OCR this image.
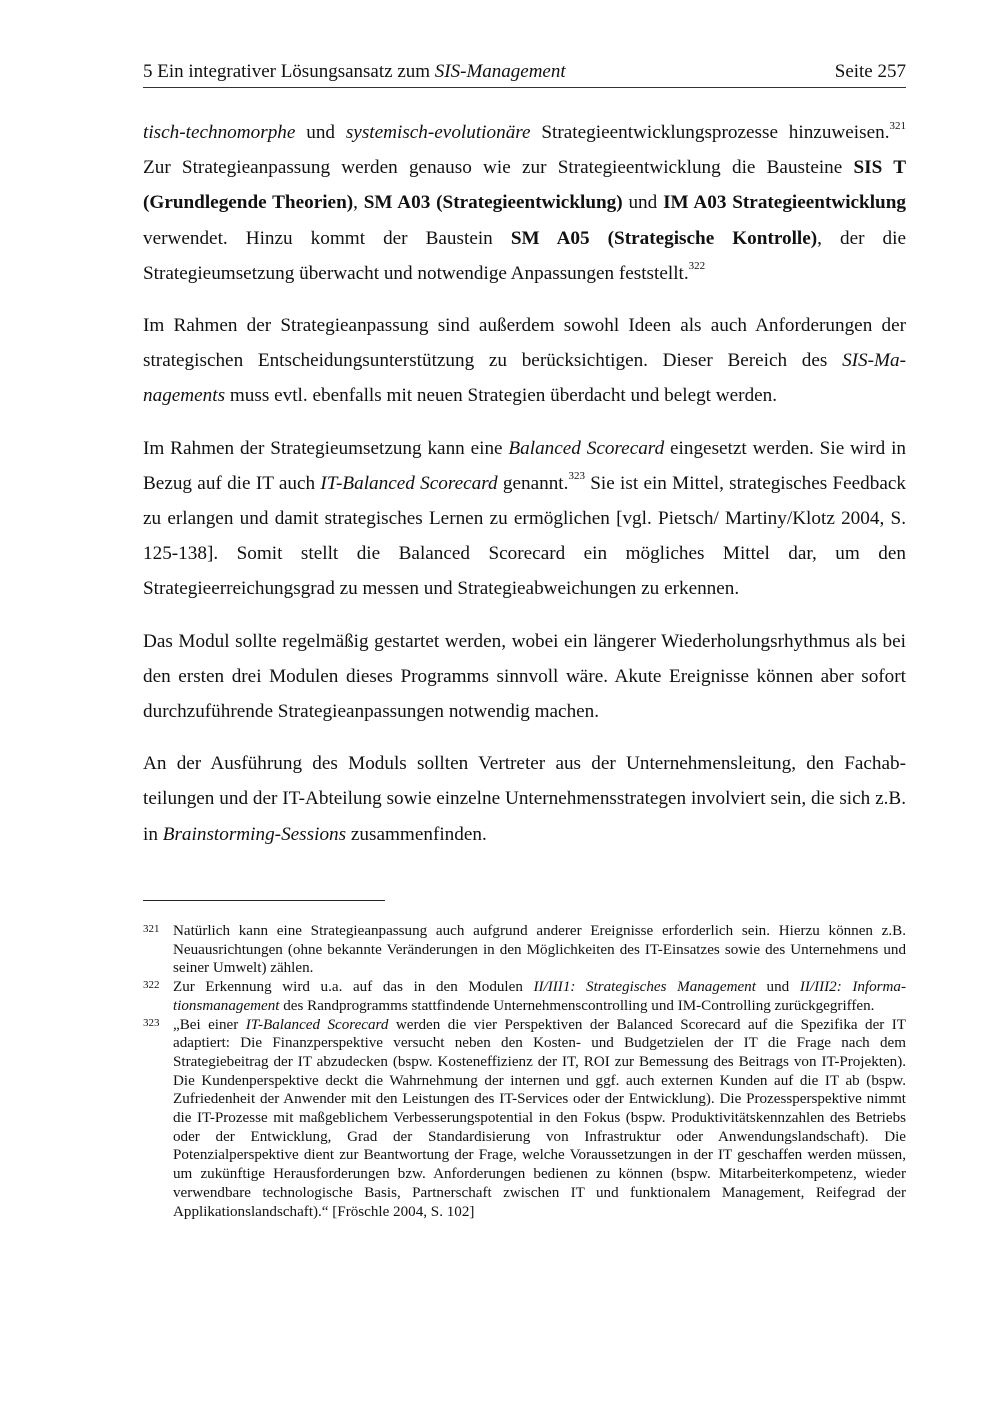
5 Ein integrativer Lösungsansatz zum SIS-Management	Seite 257

tisch-technomorphe und systemisch-evolutionäre Strategieentwicklungsprozesse hinzuweisen.$^{321}$ Zur Strategieanpassung werden genauso wie zur Strategieentwicklung die Bausteine SIS T (Grundlegende Theorien), SM A03 (Strategieentwicklung) und IM A03 Strategieentwicklung verwendet. Hinzu kommt der Baustein SM A05 (Strategische Kontrolle), der die Strategieumsetzung überwacht und notwendige Anpassungen feststellt.$^{322}$

Im Rahmen der Strategieanpassung sind außerdem sowohl Ideen als auch Anforderungen der strategischen Entscheidungsunterstützung zu berücksichtigen. Dieser Bereich des SIS-Managements muss evtl. ebenfalls mit neuen Strategien überdacht und belegt werden.

Im Rahmen der Strategieumsetzung kann eine Balanced Scorecard eingesetzt werden. Sie wird in Bezug auf die IT auch IT-Balanced Scorecard genannt.$^{323}$ Sie ist ein Mittel, strategisches Feedback zu erlangen und damit strategisches Lernen zu ermöglichen [vgl. Pietsch/ Martiny/Klotz 2004, S. 125-138]. Somit stellt die Balanced Scorecard ein mögliches Mittel dar, um den Strategieerreichungsgrad zu messen und Strategieabweichungen zu erkennen.

Das Modul sollte regelmäßig gestartet werden, wobei ein längerer Wiederholungsrhythmus als bei den ersten drei Modulen dieses Programms sinnvoll wäre. Akute Ereignisse können aber sofort durchzuführende Strategieanpassungen notwendig machen.

An der Ausführung des Moduls sollten Vertreter aus der Unternehmensleitung, den Fachabteilungen und der IT-Abteilung sowie einzelne Unternehmensstrategen involviert sein, die sich z.B. in Brainstorming-Sessions zusammenfinden.

321 Natürlich kann eine Strategieanpassung auch aufgrund anderer Ereignisse erforderlich sein. Hierzu können z.B. Neuausrichtungen (ohne bekannte Veränderungen in den Möglichkeiten des IT-Einsatzes sowie des Unternehmens und seiner Umwelt) zählen.
322 Zur Erkennung wird u.a. auf das in den Modulen II/III1: Strategisches Management und II/III2: Informationsmanagement des Randprogramms stattfindende Unternehmenscontrolling und IM-Controlling zurückgegriffen.
323 „Bei einer IT-Balanced Scorecard werden die vier Perspektiven der Balanced Scorecard auf die Spezifika der IT adaptiert: Die Finanzperspektive versucht neben den Kosten- und Budgetzielen der IT die Frage nach dem Strategiebeitrag der IT abzudecken (bspw. Kosteneffizienz der IT, ROI zur Bemessung des Beitrags von IT-Projekten). Die Kundenperspektive deckt die Wahrnehmung der internen und ggf. auch externen Kunden auf die IT ab (bspw. Zufriedenheit der Anwender mit den Leistungen des IT-Services oder der Entwicklung). Die Prozessperspektive nimmt die IT-Prozesse mit maßgeblichem Verbesserungspotential in den Fokus (bspw. Produktivitätskennzahlen des Betriebs oder der Entwicklung, Grad der Standardisierung von Infrastruktur oder Anwendungslandschaft). Die Potenzialperspektive dient zur Beantwortung der Frage, welche Voraussetzungen in der IT geschaffen werden müssen, um zukünftige Herausforderungen bzw. Anforderungen bedienen zu können (bspw. Mitarbeiterkompetenz, wieder verwendbare technologische Basis, Partnerschaft zwischen IT und funktionalem Management, Reifegrad der Applikationslandschaft).“ [Fröschle 2004, S. 102]
